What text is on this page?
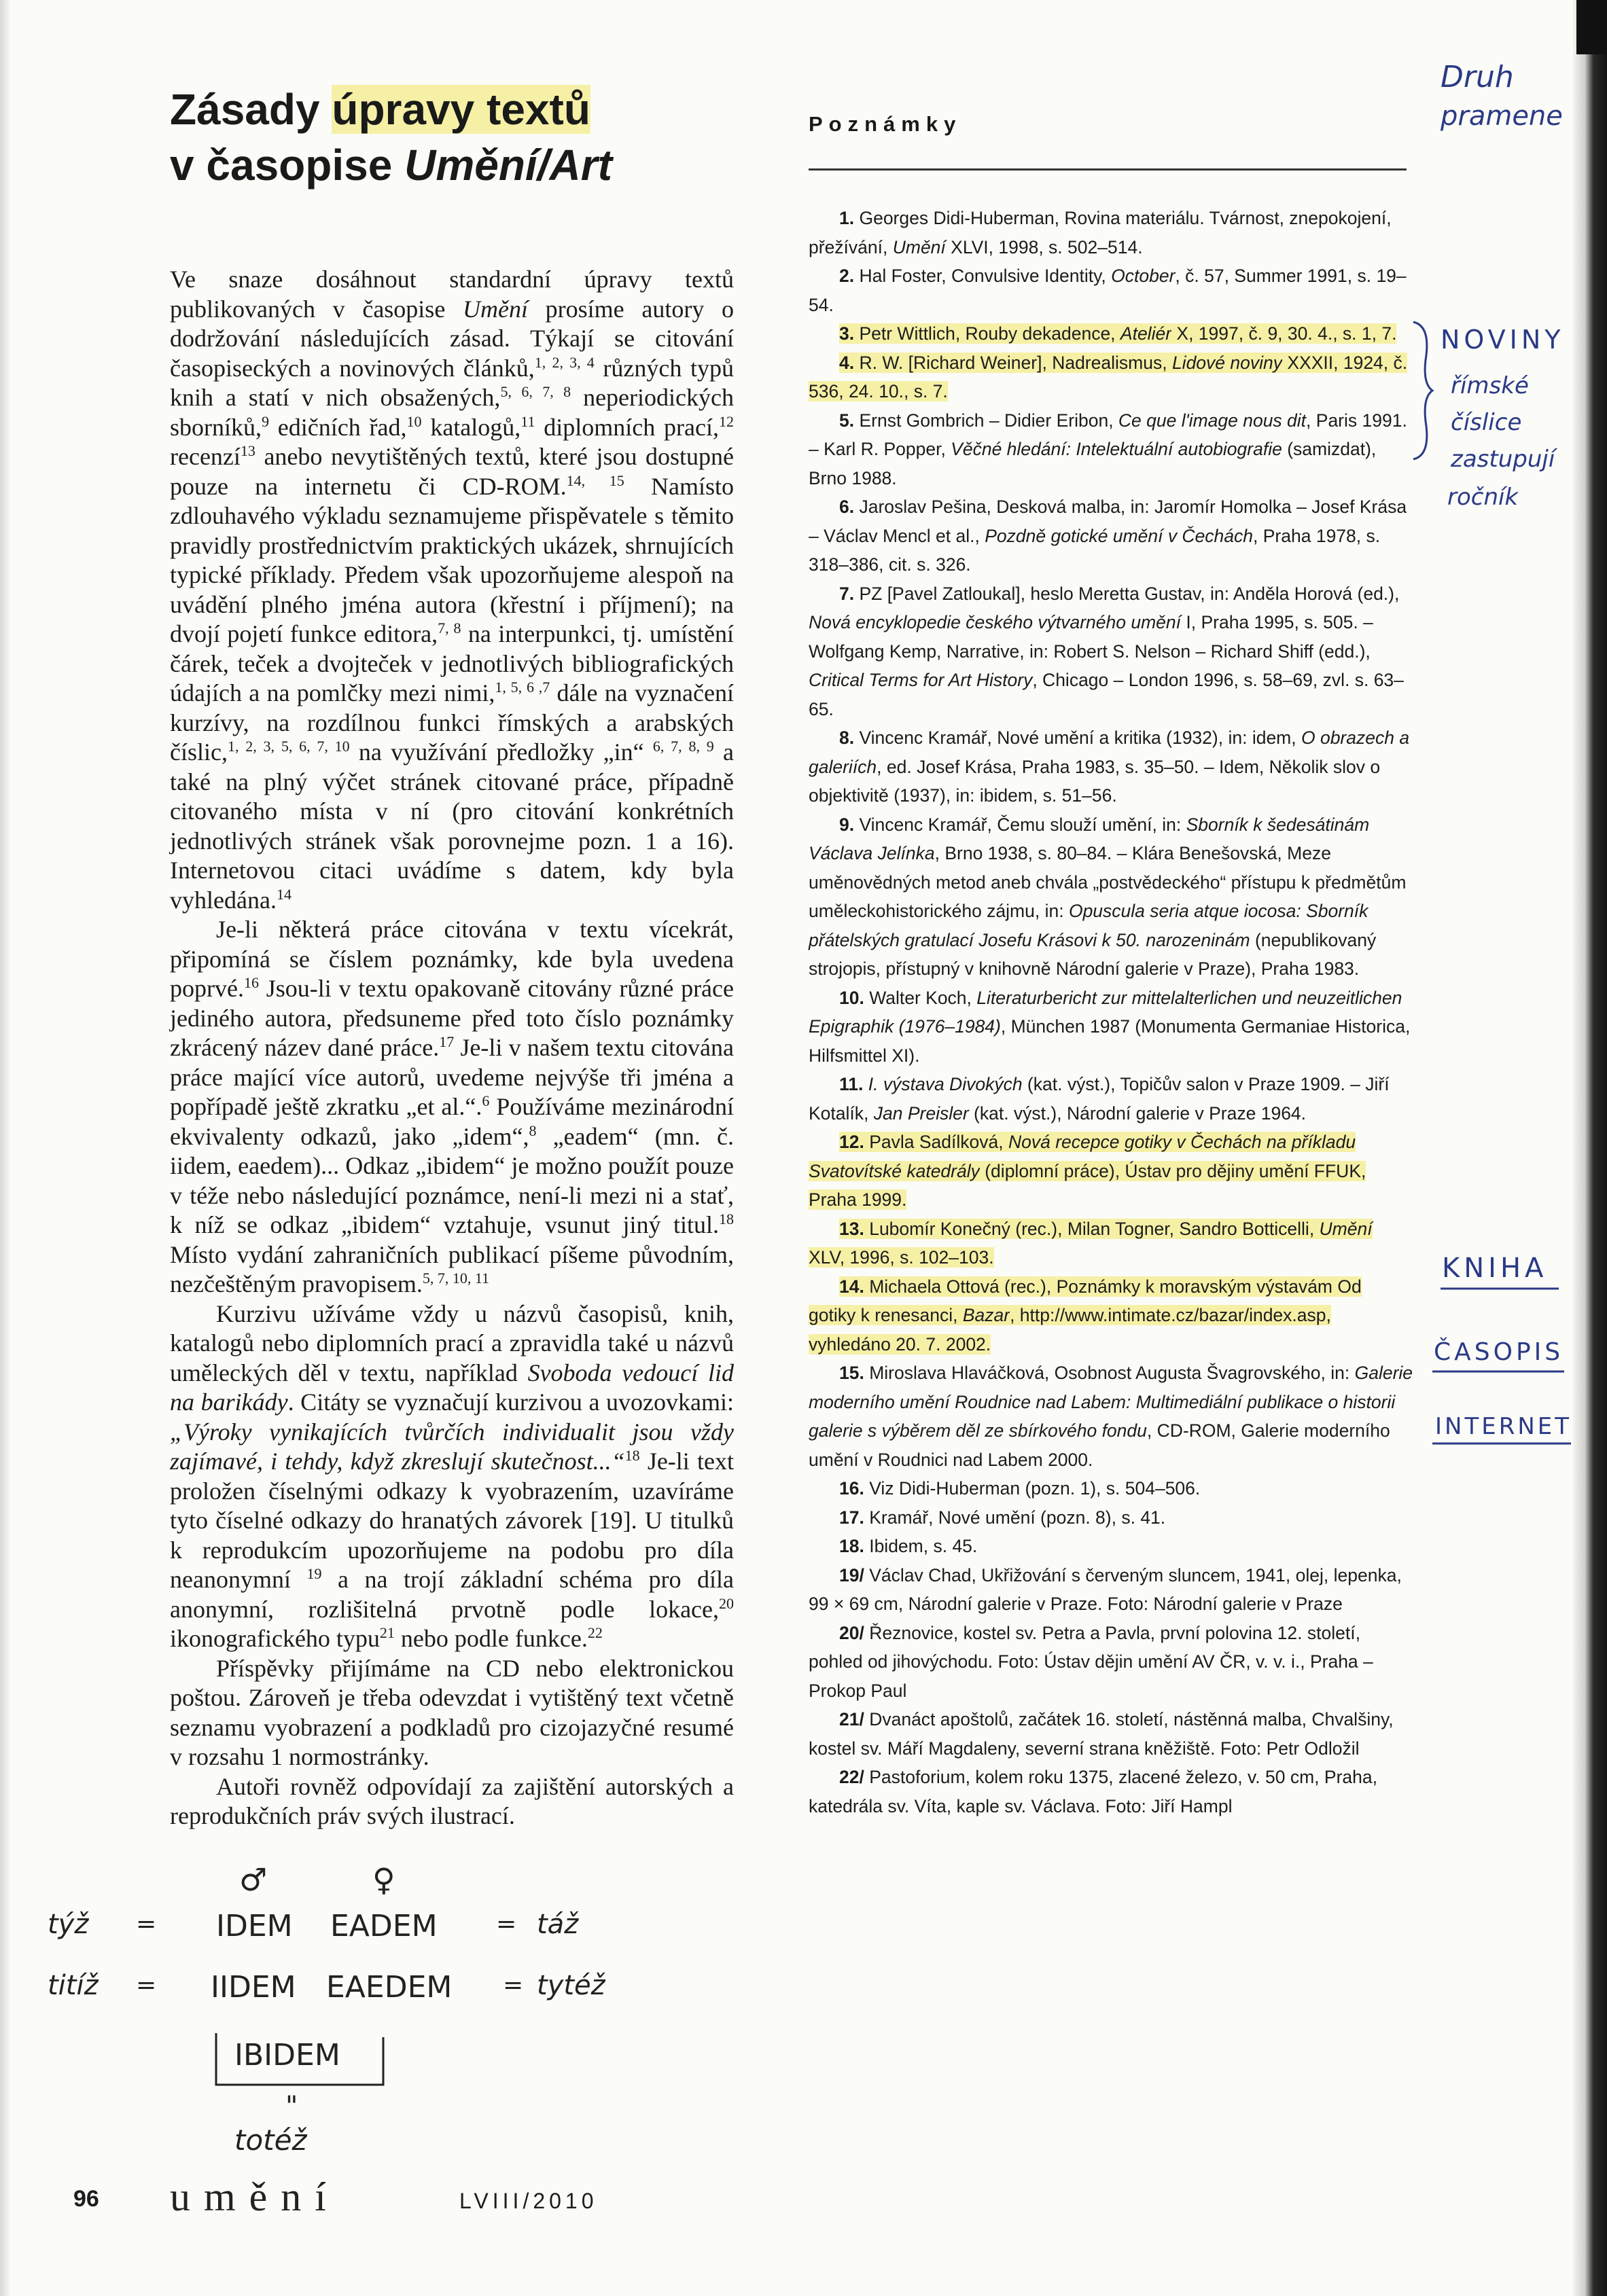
Zásady úpravy textů
v časopise Umění/Art

Ve snaze dosáhnout standardní úpravy textů publikovaných v časopise Umění prosíme autory o dodržování následujících zásad. Týkají se citování časopiseckých a novinových článků,$^{1, 2, 3, 4}$ různých typů knih a statí v nich obsažených,$^{5, 6, 7, 8}$ neperiodických sborníků,$^9$ edičních řad,$^{10}$ katalogů,$^{11}$ diplomních prací,$^{12}$ recenzí$^{13}$ anebo nevytištěných textů, které jsou dostupné pouze na internetu či CD-ROM.$^{14, 15}$ Namísto zdlouhavého výkladu seznamujeme přispěvatele s těmito pravidly prostřednictvím praktických ukázek, shrnujících typické příklady. Předem však upozorňujeme alespoň na uvádění plného jména autora (křestní i příjmení); na dvojí pojetí funkce editora,$^{7, 8}$ na interpunkci, tj. umístění čárek, teček a dvojteček v jednotlivých bibliografických údajích a na pomlčky mezi nimi,$^{1, 5, 6 ,7}$ dále na vyznačení kurzívy, na rozdílnou funkci římských a arabských číslic,$^{1, 2, 3, 5, 6, 7, 10}$ na využívání předložky „in“ $^{6, 7, 8, 9}$ a také na plný výčet stránek citované práce, případně citovaného místa v ní (pro citování konkrétních jednotlivých stránek však porovnejme pozn. 1 a 16). Internetovou citaci uvádíme s datem, kdy byla vyhledána.$^{14}$

Je-li některá práce citována v textu vícekrát, připomíná se číslem poznámky, kde byla uvedena poprvé.$^{16}$ Jsou-li v textu opakovaně citovány různé práce jediného autora, předsuneme před toto číslo poznámky zkrácený název dané práce.$^{17}$ Je-li v našem textu citována práce mající více autorů, uvedeme nejvýše tři jména a popřípadě ještě zkratku „et al.“.$^6$ Používáme mezinárodní ekvivalenty odkazů, jako „idem“,$^8$ „eadem“ (mn. č. iidem, eaedem)... Odkaz „ibidem“ je možno použít pouze v téže nebo následující poznámce, není-li mezi ni a stať, k níž se odkaz „ibidem“ vztahuje, vsunut jiný titul.$^{18}$ Místo vydání zahraničních publikací píšeme původním, nezčeštěným pravopisem.$^{5, 7, 10, 11}$

Kurzivu užíváme vždy u názvů časopisů, knih, katalogů nebo diplomních prací a zpravidla také u názvů uměleckých děl v textu, například Svoboda vedoucí lid na barikády. Citáty se vyznačují kurzivou a uvozovkami: „Výroky vynikajících tvůrčích individualit jsou vždy zajímavé, i tehdy, když zkreslují skutečnost...“$^{18}$ Je-li text proložen číselnými odkazy k vyobrazením, uzavíráme tyto číselné odkazy do hranatých závorek [19]. U titulků k reprodukcím upozorňujeme na podobu pro díla neanonymní $^{19}$ a na trojí základní schéma pro díla anonymní, rozlišitelná prvotně podle lokace,$^{20}$ ikonografického typu$^{21}$ nebo podle funkce.$^{22}$

Příspěvky přijímáme na CD nebo elektronickou poštou. Zároveň je třeba odevzdat i vytištěný text včetně seznamu vyobrazení a podkladů pro cizojazyčné resumé v rozsahu 1 normostránky.

Autoři rovněž odpovídají za zajištění autorských a reprodukčních práv svých ilustrací.

Poznámky
1. Georges Didi-Huberman, Rovina materiálu. Tvárnost, znepokojení, přežívání, Umění XLVI, 1998, s. 502–514.
2. Hal Foster, Convulsive Identity, October, č. 57, Summer 1991, s. 19–54.
3. Petr Wittlich, Rouby dekadence, Ateliér X, 1997, č. 9, 30. 4., s. 1, 7.
4. R. W. [Richard Weiner], Nadrealismus, Lidové noviny XXXII, 1924, č. 536, 24. 10., s. 7.
5. Ernst Gombrich – Didier Eribon, Ce que l'image nous dit, Paris 1991. – Karl R. Popper, Věčné hledání: Intelektuální autobiografie (samizdat), Brno 1988.
6. Jaroslav Pešina, Desková malba, in: Jaromír Homolka – Josef Krása – Václav Mencl et al., Pozdně gotické umění v Čechách, Praha 1978, s. 318–386, cit. s. 326.
7. PZ [Pavel Zatloukal], heslo Meretta Gustav, in: Anděla Horová (ed.), Nová encyklopedie českého výtvarného umění I, Praha 1995, s. 505. – Wolfgang Kemp, Narrative, in: Robert S. Nelson – Richard Shiff (edd.), Critical Terms for Art History, Chicago – London 1996, s. 58–69, zvl. s. 63–65.
8. Vincenc Kramář, Nové umění a kritika (1932), in: idem, O obrazech a galeriích, ed. Josef Krása, Praha 1983, s. 35–50. – Idem, Několik slov o objektivitě (1937), in: ibidem, s. 51–56.
9. Vincenc Kramář, Čemu slouží umění, in: Sborník k šedesátinám Václava Jelínka, Brno 1938, s. 80–84. – Klára Benešovská, Meze uměnovědných metod aneb chvála „postvědeckého“ přístupu k předmětům uměleckohistorického zájmu, in: Opuscula seria atque iocosa: Sborník přátelských gratulací Josefu Krásovi k 50. narozeninám (nepublikovaný strojopis, přístupný v knihovně Národní galerie v Praze), Praha 1983.
10. Walter Koch, Literaturbericht zur mittelalterlichen und neuzeitlichen Epigraphik (1976–1984), München 1987 (Monumenta Germaniae Historica, Hilfsmittel XI).
11. I. výstava Divokých (kat. výst.), Topičův salon v Praze 1909. – Jiří Kotalík, Jan Preisler (kat. výst.), Národní galerie v Praze 1964.
12. Pavla Sadílková, Nová recepce gotiky v Čechách na příkladu Svatovítské katedrály (diplomní práce), Ústav pro dějiny umění FFUK, Praha 1999.
13. Lubomír Konečný (rec.), Milan Togner, Sandro Botticelli, Umění XLV, 1996, s. 102–103.
14. Michaela Ottová (rec.), Poznámky k moravským výstavám Od gotiky k renesanci, Bazar, http://www.intimate.cz/bazar/index.asp, vyhledáno 20. 7. 2002.
15. Miroslava Hlaváčková, Osobnost Augusta Švagrovského, in: Galerie moderního umění Roudnice nad Labem: Multimediální publikace o historii galerie s výběrem děl ze sbírkového fondu, CD-ROM, Galerie moderního umění v Roudnici nad Labem 2000.
16. Viz Didi-Huberman (pozn. 1), s. 504–506.
17. Kramář, Nové umění (pozn. 8), s. 41.
18. Ibidem, s. 45.
19/ Václav Chad, Ukřižování s červeným sluncem, 1941, olej, lepenka, 99 × 69 cm, Národní galerie v Praze. Foto: Národní galerie v Praze
20/ Řeznovice, kostel sv. Petra a Pavla, první polovina 12. století, pohled od jihovýchodu. Foto: Ústav dějin umění AV ČR, v. v. i., Praha – Prokop Paul
21/ Dvanáct apoštolů, začátek 16. století, nástěnná malba, Chvalšiny, kostel sv. Máří Magdaleny, severní strana kněžiště. Foto: Petr Odložil
22/ Pastoforium, kolem roku 1375, zlacené železo, v. 50 cm, Praha, katedrála sv. Víta, kaple sv. Václava. Foto: Jiří Hampl

96 umění	LVIII/2010

Druh

pramene

NOVINY

římské

číslice

zastupují

ročník

KNIHA

ČASOPIS

INTERNET

♂	♀

týž = IDEM EADEM = táž

titíž = IIDEM EAEDEM = tytéž

IBIDEM

"

totéž
